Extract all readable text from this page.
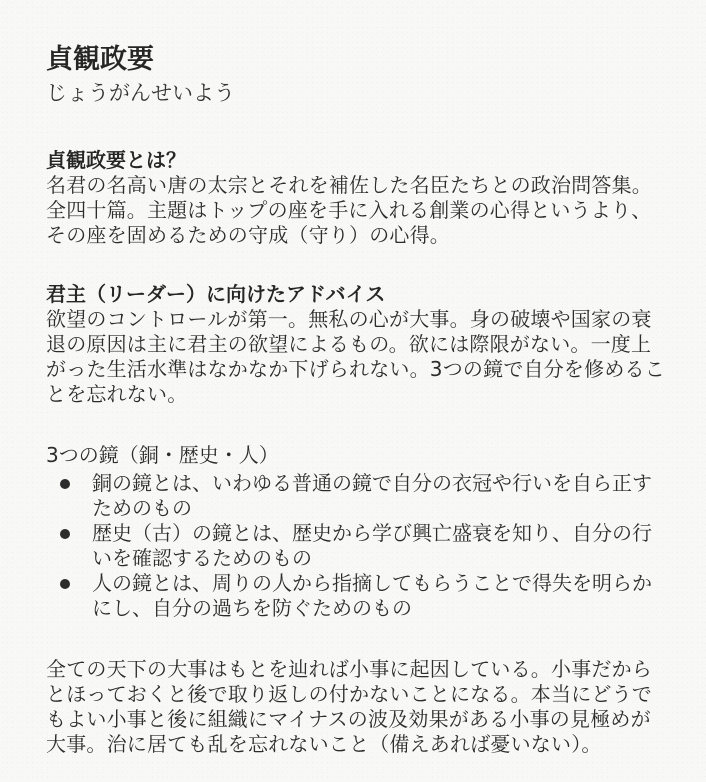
貞観政要

じょうがんせいよう

貞観政要とは？

名君の名高い唐の太宗とそれを補佐した名臣たちとの政治問答集。全四十篇。主題はトップの座を手に入れる創業の心得というより、その座を固めるための守成（守り）の心得。

君主（リーダー）に向けたアドバイス

欲望のコントロールが第一。無私の心が大事。身の破壊や国家の衰退の原因は主に君主の欲望によるもの。欲には際限がない。一度上がった生活水準はなかなか下げられない。3つの鏡で自分を修めることを忘れない。

3つの鏡（銅・歴史・人）

銅の鏡とは、いわゆる普通の鏡で自分の衣冠や行いを自ら正すためのもの
歴史（古）の鏡とは、歴史から学び興亡盛衰を知り、自分の行いを確認するためのもの
人の鏡とは、周りの人から指摘してもらうことで得失を明らかにし、自分の過ちを防ぐためのもの

全ての天下の大事はもとを辿れば小事に起因している。小事だからとほっておくと後で取り返しの付かないことになる。本当にどうでもよい小事と後に組織にマイナスの波及効果がある小事の見極めが大事。治に居ても乱を忘れないこと（備えあれば憂いない）。
